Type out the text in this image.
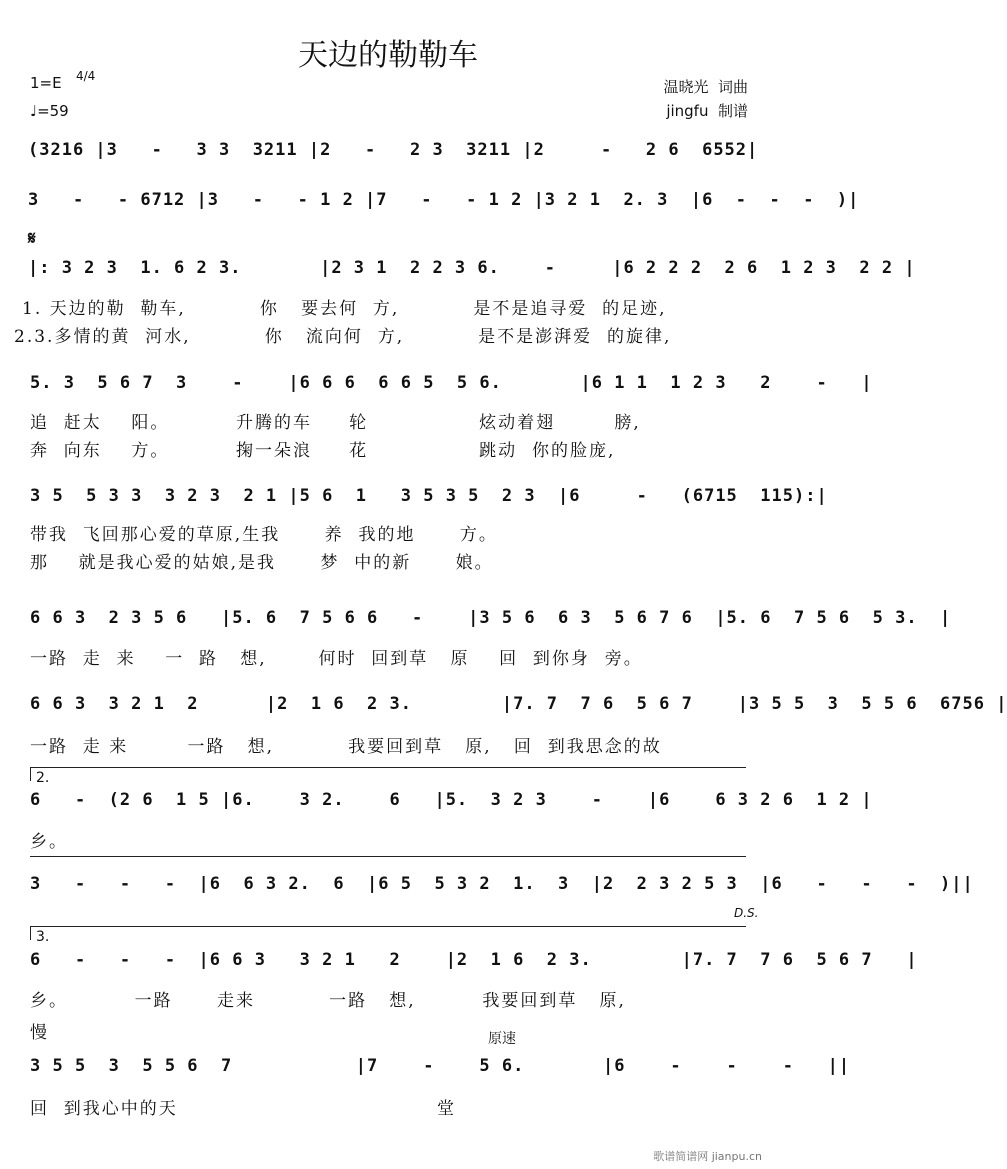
天边的勒勒车
1=E 4/4
♩=59
温晓光  词曲
jingfu  制谱
(3216 |3   -   3 3  3211 |2   -   2 3  3211 |2     -   2 6  6552|
3   -   - 6712 |3   -   - 1 2 |7   -   - 1 2 |3 2 1  2. 3  |6  -  -  -  )|
𝄋
|: 3 2 3  1. 6 2 3.       |2 3 1  2 2 3 6.    -     |6 2 2 2  2 6  1 2 3  2 2 |
1. 天边的勒  勒车,          你   要去何  方,          是不是追寻爱  的足迹,
2.3.多情的黄  河水,          你   流向何  方,          是不是澎湃爱  的旋律,
5. 3  5 6 7  3    -    |6 6 6  6 6 5  5 6.       |6 1 1  1 2 3   2    -   |
追  赶太    阳。         升腾的车     轮               炫动着翅        膀,
奔  向东    方。         掬一朵浪     花               跳动  你的脸庞,
3 5  5 3 3  3 2 3  2 1 |5 6  1   3 5 3 5  2 3  |6     -   (6715  115):|
带我  飞回那心爱的草原,生我      养  我的地      方。
那    就是我心爱的姑娘,是我      梦  中的新      娘。
6 6 3  2 3 5 6   |5. 6  7 5 6 6   -    |3 5 6  6 3  5 6 7 6  |5. 6  7 5 6  5 3.  |
一路  走  来    一  路   想,       何时  回到草   原    回  到你身  旁。
6 6 3  3 2 1  2      |2  1 6  2 3.        |7. 7  7 6  5 6 7    |3 5 5  3  5 5 6  6756 |
一路  走 来        一路   想,          我要回到草   原,   回  到我思念的故
2.
6   -  (2 6  1 5 |6.    3 2.    6   |5.  3 2 3    -    |6    6 3 2 6  1 2 |
乡。
3   -   -   -  |6  6 3 2.  6  |6 5  5 3 2  1.  3  |2  2 3 2 5 3  |6   -   -   -  )||
D.S.
3.
6   -   -   -  |6 6 3   3 2 1   2    |2  1 6  2 3.        |7. 7  7 6  5 6 7   |
乡。         一路      走来          一路   想,         我要回到草   原,
慢	原速
3 5 5  3  5 5 6  7           |7    -    5 6.       |6    -    -    -   ||
回  到我心中的天                                   堂
歌谱简谱网 jianpu.cn
